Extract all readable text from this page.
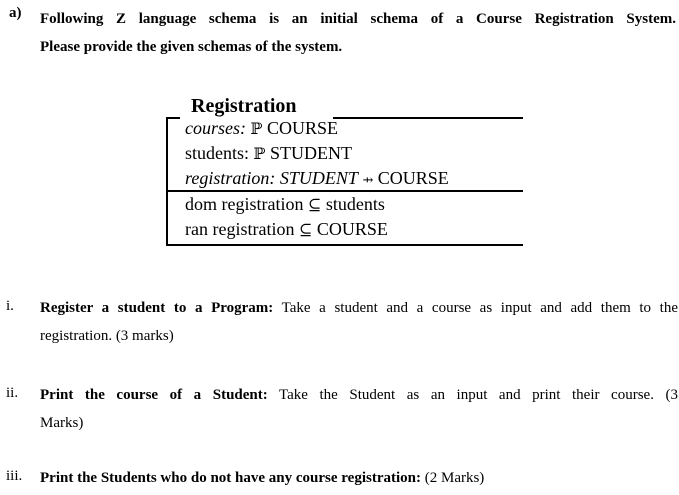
a) Following Z language schema is an initial schema of a Course Registration System.
Please provide the given schemas of the system.
Registration
courses: ℙ COURSE
students: ℙ STUDENT
registration: STUDENT ⇸ COURSE
dom registration ⊆ students
ran registration ⊆ COURSE
i. Register a student to a Program: Take a student and a course as input and add them to the
registration. (3 marks)
ii. Print the course of a Student: Take the Student as an input and print their course. (3
Marks)
iii. Print the Students who do not have any course registration: (2 Marks)
